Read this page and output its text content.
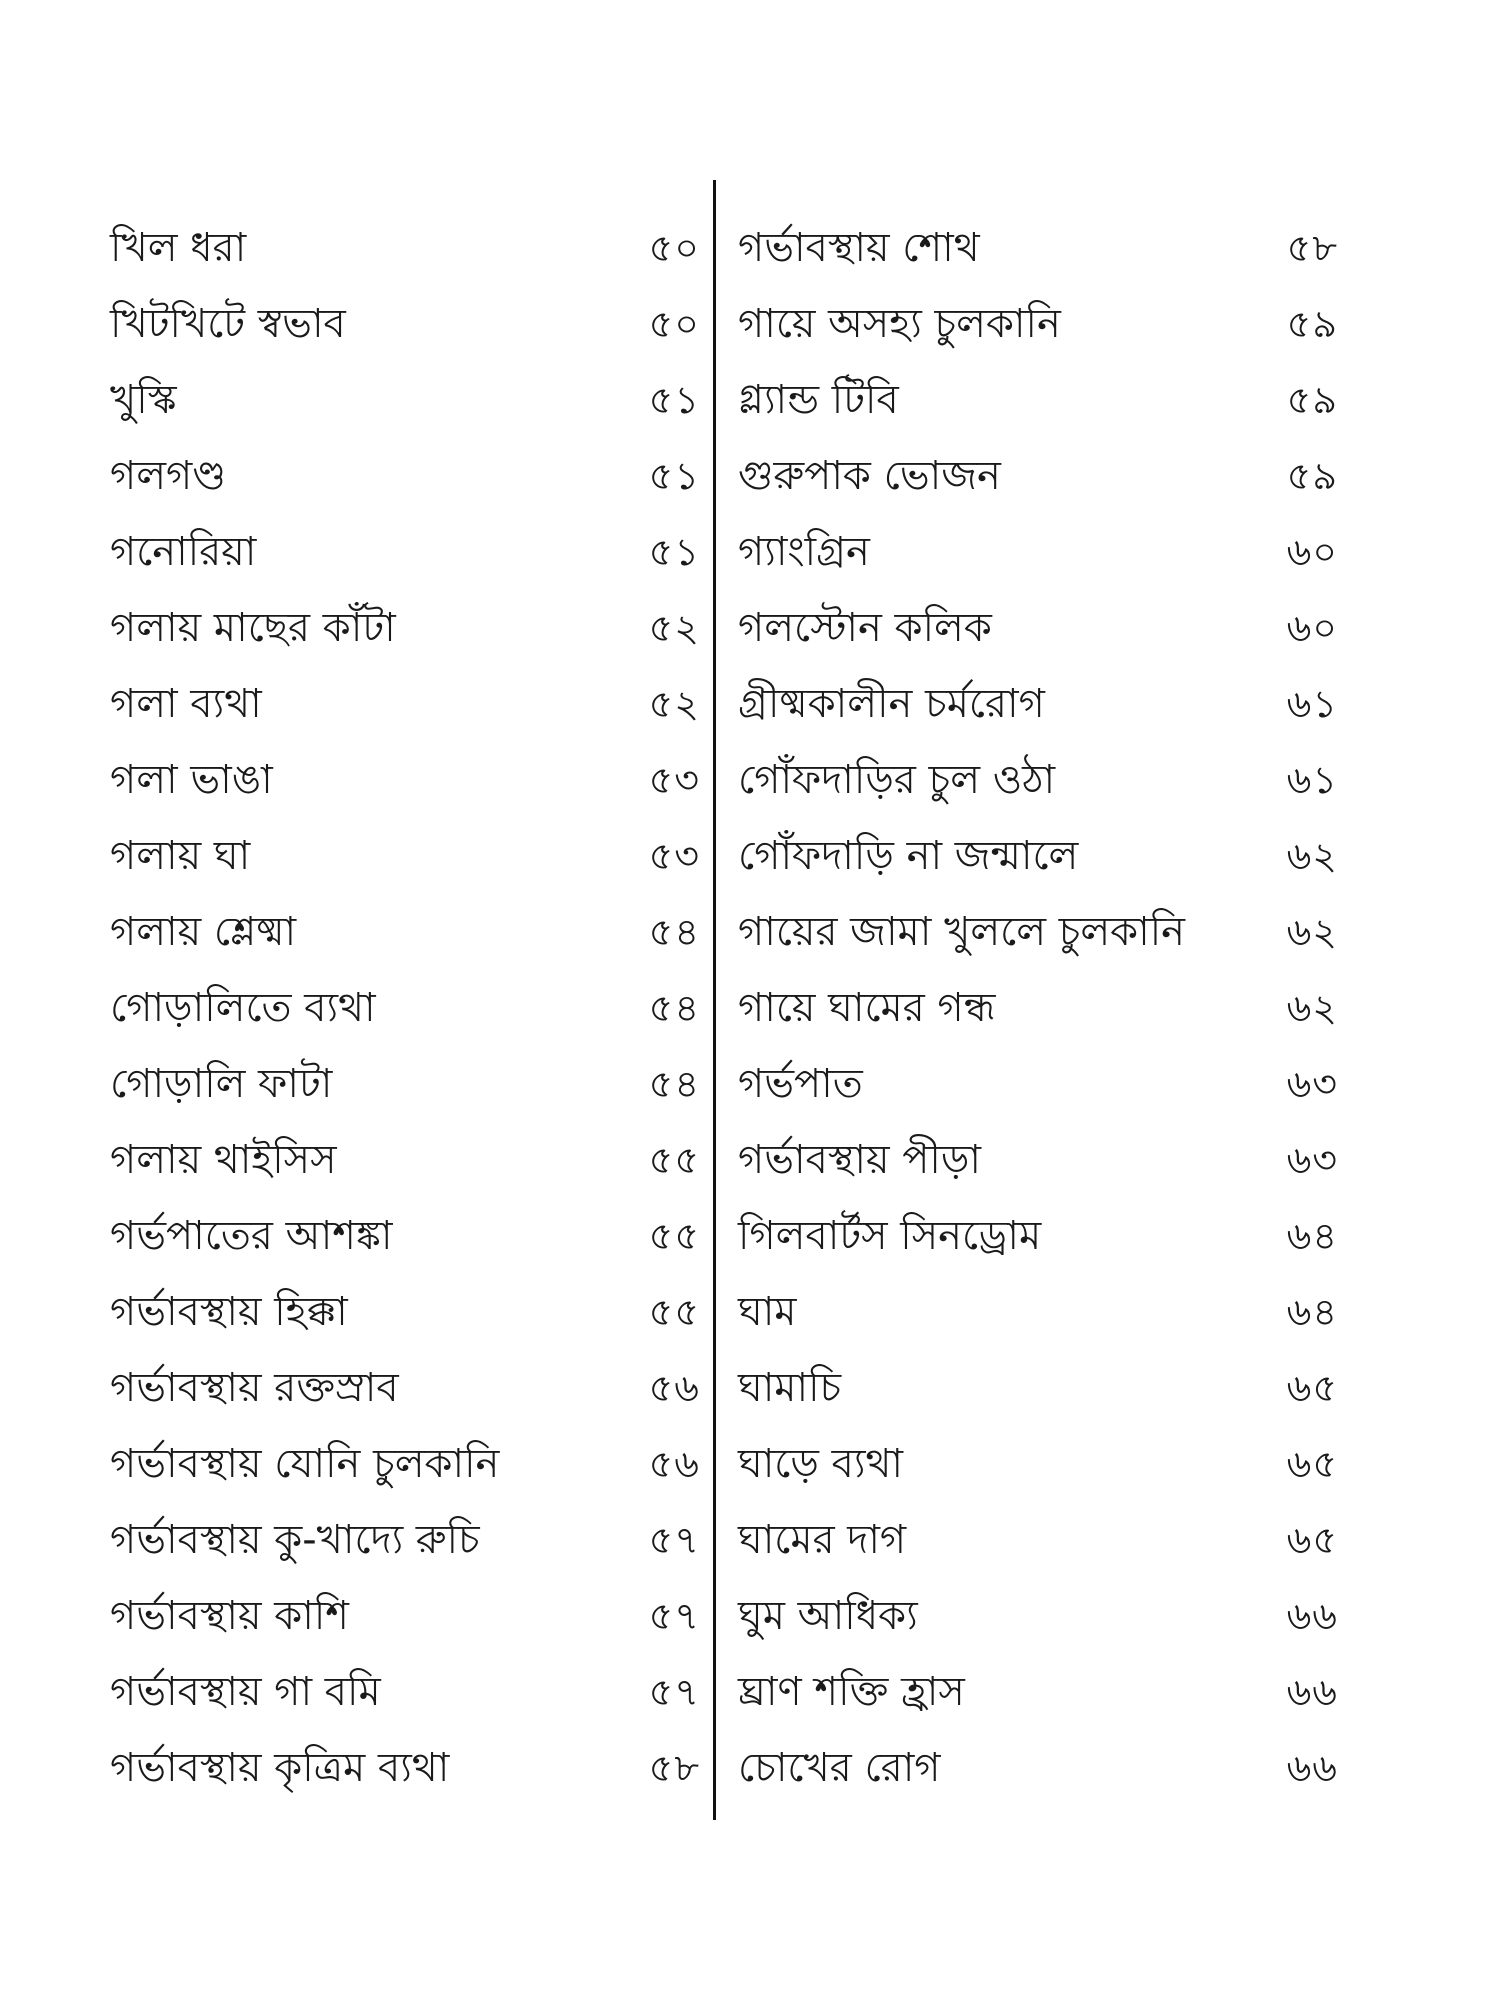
খিল ধরা	৫০
খিটখিটে স্বভাব	৫০
খুস্কি	৫১
গলগণ্ড	৫১
গনোরিয়া	৫১
গলায় মাছের কাঁটা	৫২
গলা ব্যথা	৫২
গলা ভাঙা	৫৩
গলায় ঘা	৫৩
গলায় শ্লেষ্মা	৫৪
গোড়ালিতে ব্যথা	৫৪
গোড়ালি ফাটা	৫৪
গলায় থাইসিস	৫৫
গর্ভপাতের আশঙ্কা	৫৫
গর্ভাবস্থায় হিক্কা	৫৫
গর্ভাবস্থায় রক্তস্রাব	৫৬
গর্ভাবস্থায় যোনি চুলকানি	৫৬
গর্ভাবস্থায় কু-খাদ্যে রুচি	৫৭
গর্ভাবস্থায় কাশি	৫৭
গর্ভাবস্থায় গা বমি	৫৭
গর্ভাবস্থায় কৃত্রিম ব্যথা	৫৮
গর্ভাবস্থায় শোথ	৫৮
গায়ে অসহ্য চুলকানি	৫৯
গ্ল্যান্ড টিবি	৫৯
গুরুপাক ভোজন	৫৯
গ্যাংগ্রিন	৬০
গলস্টোন কলিক	৬০
গ্রীষ্মকালীন চর্মরোগ	৬১
গোঁফদাড়ির চুল ওঠা	৬১
গোঁফদাড়ি না জন্মালে	৬২
গায়ের জামা খুললে চুলকানি	৬২
গায়ে ঘামের গন্ধ	৬২
গর্ভপাত	৬৩
গর্ভাবস্থায় পীড়া	৬৩
গিলবার্টস সিনড্রোম	৬৪
ঘাম	৬৪
ঘামাচি	৬৫
ঘাড়ে ব্যথা	৬৫
ঘামের দাগ	৬৫
ঘুম আধিক্য	৬৬
ঘ্রাণ শক্তি হ্রাস	৬৬
চোখের রোগ	৬৬
